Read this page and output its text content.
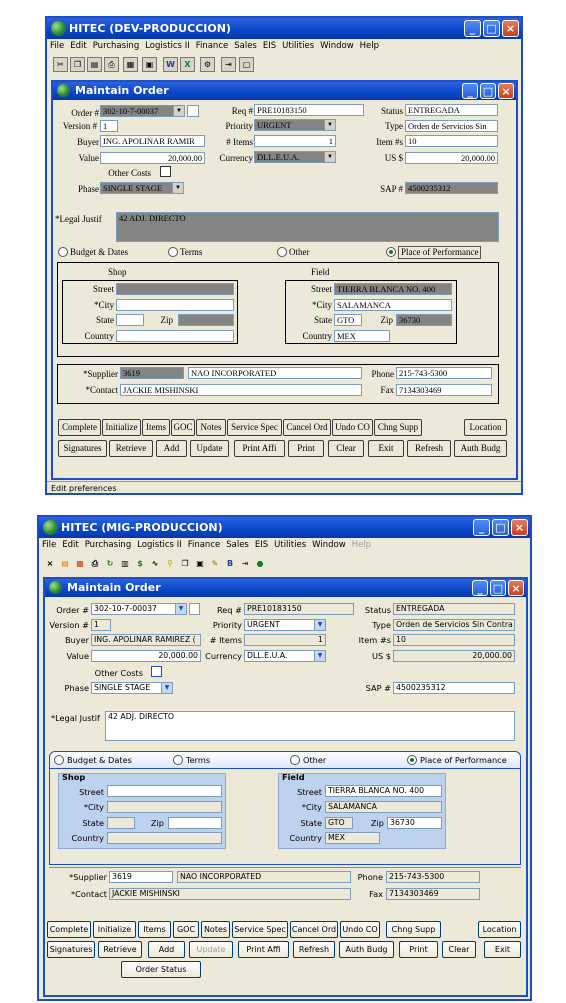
HITEC (DEV-PRODUCCION)	_	□ ×
File Edit Purchasing Logistics II Finance Sales EIS Utilities Window Help
✂	❐	▤	⎙	▦	▣	W	X	⚙	⇥	▢
Maintain Order	_ □ ×
Order # 302-10-7-00037	▼
Version # 1
Buyer ING. APOLINAR RAMIR
Value	20,000.00
Other Costs
Phase SINGLE STAGE	▼
Req # PRE10183150
Priority URGENT	▼
# Items	1
Currency DLL.E.U.A.	▼
Status ENTREGADA
Type Orden de Servicios Sin
Item #s 10
US $	20,000.00
SAP # 4500235312
*Legal Justif	42 ADJ. DIRECTO
Budget & Dates	Terms	Other	Place of Performance
Shop
Street
*City
State	Zip
Country
Field
Street TIERRA BLANCA NO. 400
*City SALAMANCA
State GTO	Zip 36730
Country MEX
*Supplier 3619	NAO INCORPORATED
*Contact JACKIE MISHINSKI
Phone 215-743-5300
Fax 7134303469
Complete Initialize Items GOC Notes	Service Spec Cancel Ord Undo CO Chng Supp	Location
Signatures	Retrieve	Add	Update	Print Affi	Print	Clear	Exit	Refresh	Auth Budg
Edit preferences
HITEC (MIG-PRODUCCION)	_	□ ×
File Edit Purchasing Logistics II Finance Sales EIS Utilities Window Help
× ▤ ▦	⎙	↻ ▥	$	∿	⚲	❐ ▣ ✎	B	⇥	●
Maintain Order	_ □ ×
Order # 302-10-7-00037	▼
Version # 1
Buyer ING. APOLINAR RAMIREZ (
Value	20,000.00
Other Costs
Phase SINGLE STAGE	▼
Req # PRE10183150
Priority URGENT	▼
# Items	1
Currency DLL.E.U.A.	▼
Status ENTREGADA
Type Orden de Servicios Sin Contra
Item #s 10
US $	20,000.00
SAP # 4500235312
*Legal Justif	42 ADJ. DIRECTO
Budget & Dates	Terms	Other	Place of Performance
Shop
Street
*City
State	Zip
Country
Field
Street TIERRA BLANCA NO. 400
*City SALAMANCA
State GTO	Zip 36730
Country MEX
*Supplier 3619	NAO INCORPORATED
*Contact JACKIE MISHINSKI
Phone 215-743-5300
Fax 7134303469
Complete	Initialize	Items	GOC	Notes Service Spec Cancel Ord Undo CO	Chng Supp	Location
Signatures	Retrieve	Add	Update	Print Affi	Refresh	Auth Budg	Print	Clear	Exit
Order Status
